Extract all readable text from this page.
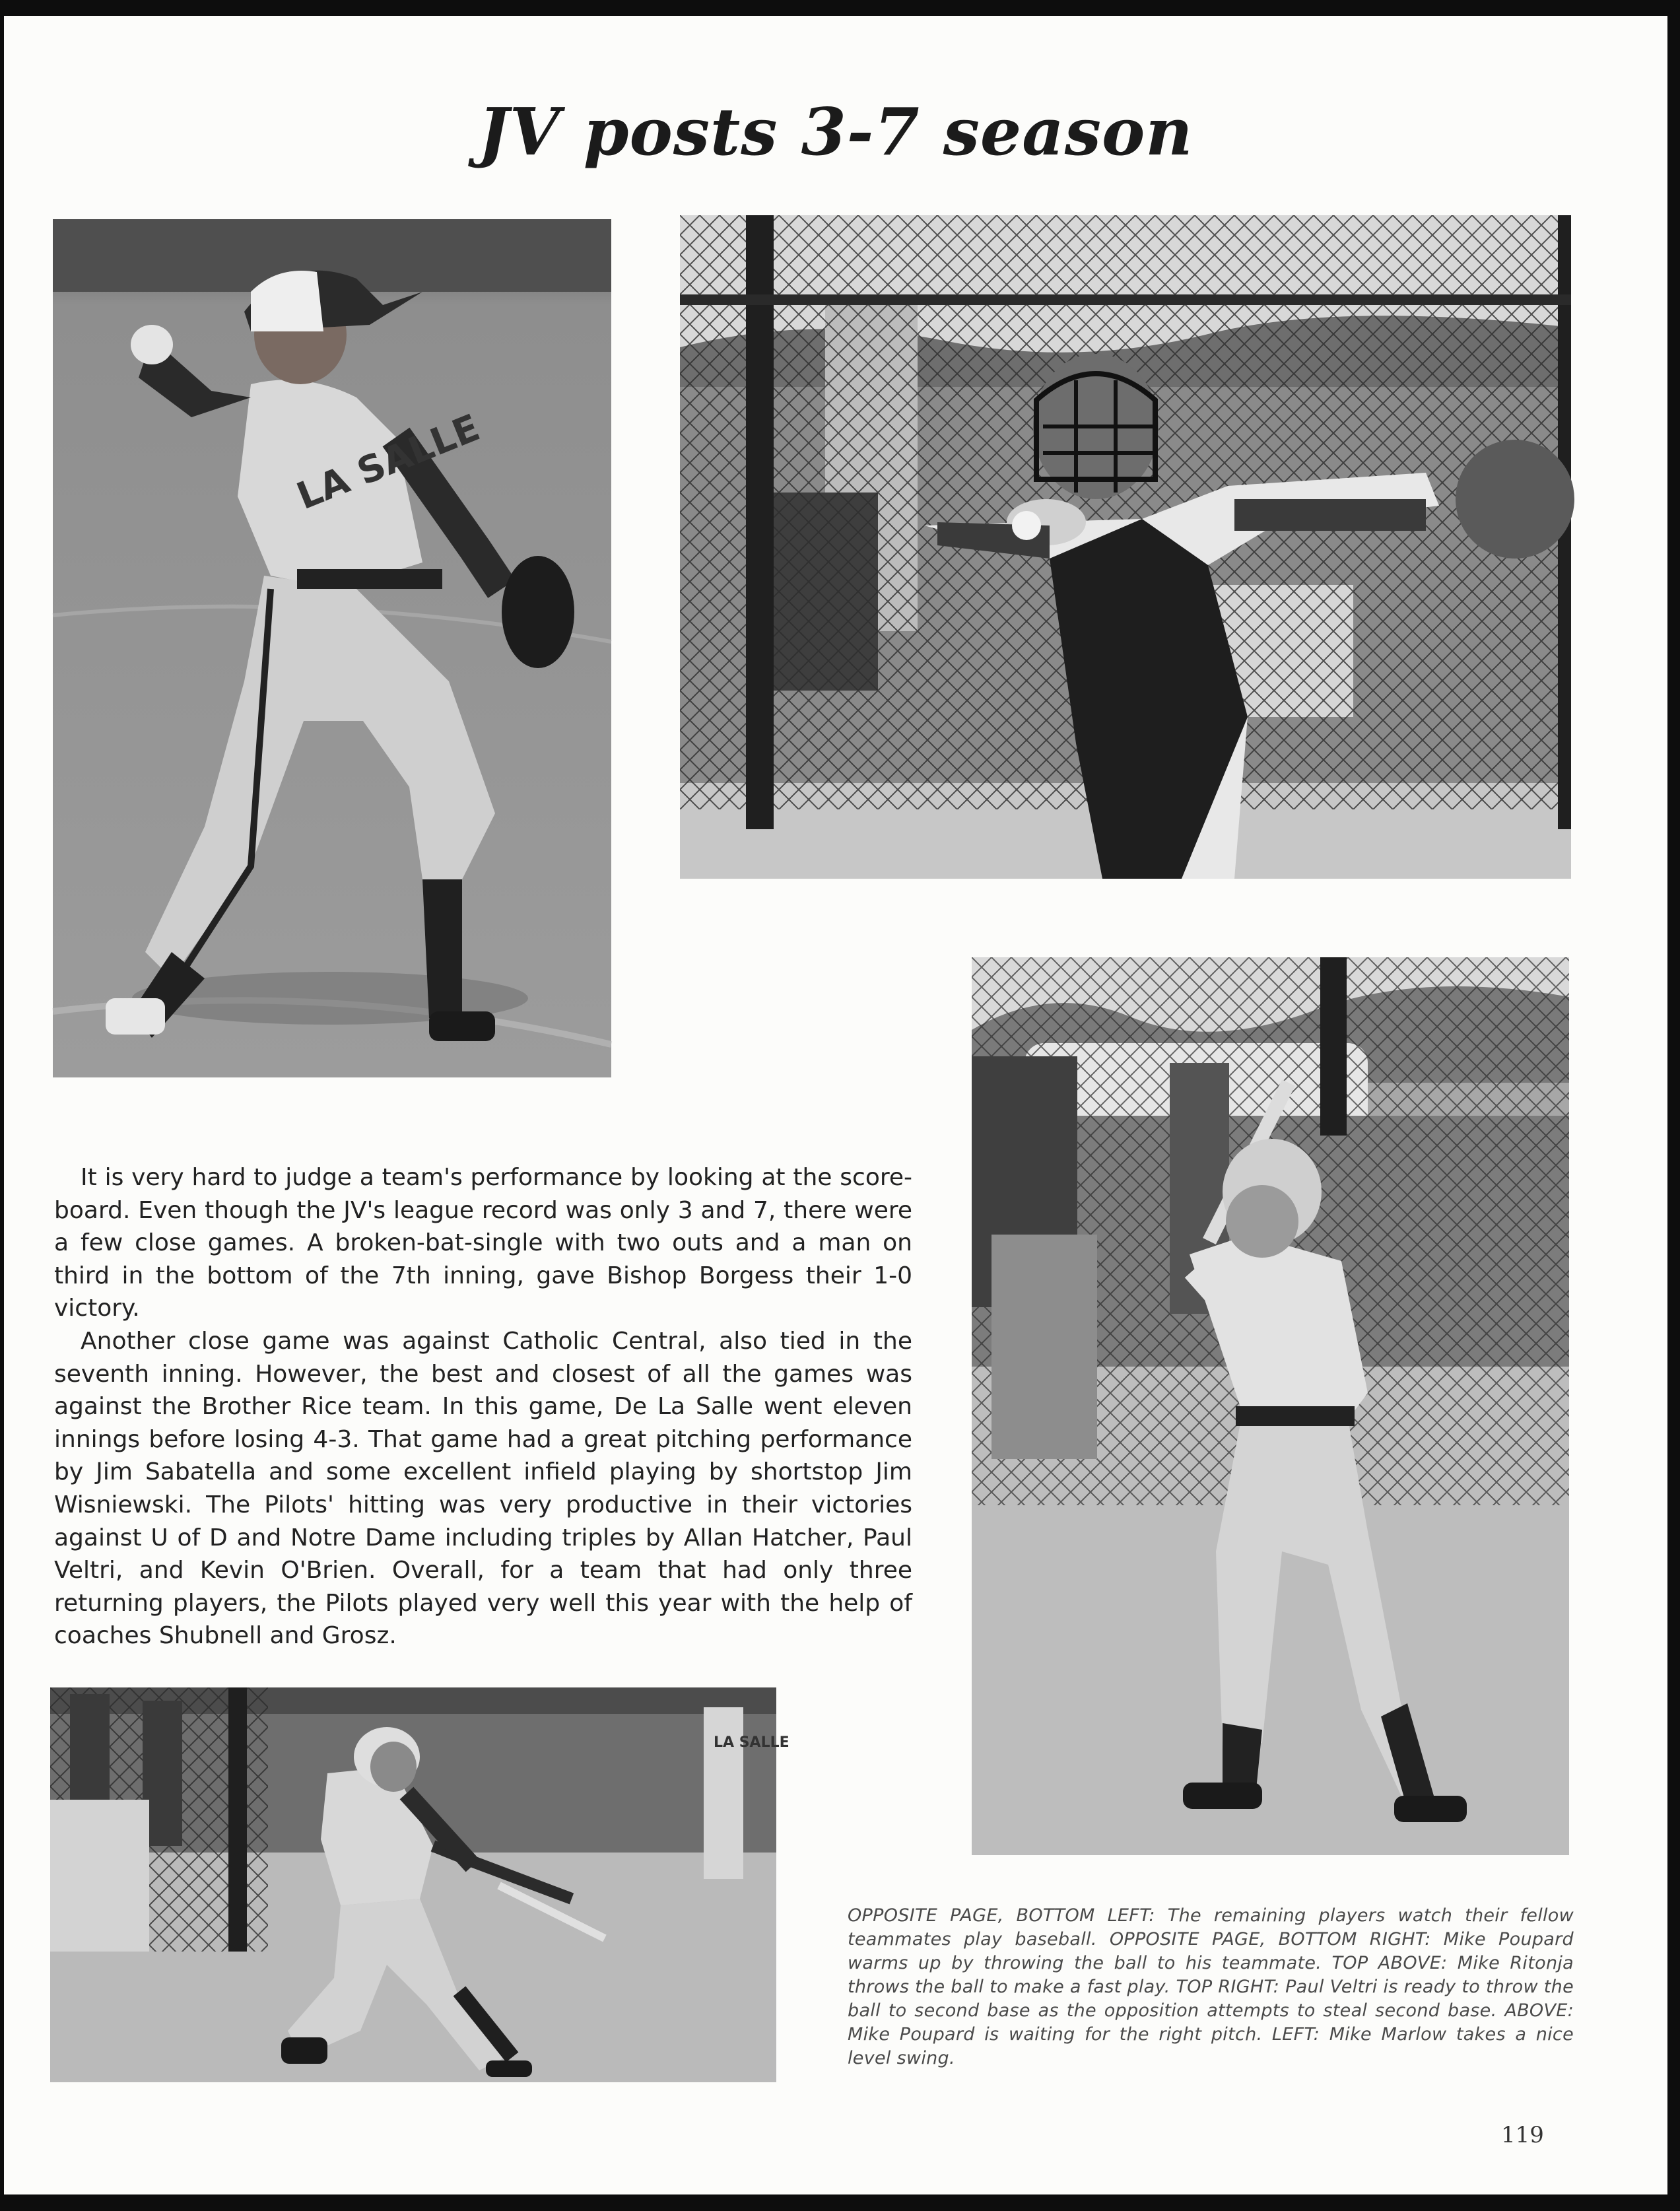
JV posts 3-7 season
LA SALLE
LA SALLE

It is very hard to judge a team's performance by looking at the score-board. Even though the JV's league record was only 3 and 7, there were a few close games. A broken-bat-single with two outs and a man on third in the bottom of the 7th inning, gave Bishop Borgess their 1-0 victory.

Another close game was against Catholic Central, also tied in the seventh inning. However, the best and closest of all the games was against the Brother Rice team. In this game, De La Salle went eleven innings before losing 4-3. That game had a great pitching performance by Jim Sabatella and some excellent infield playing by shortstop Jim Wisniewski. The Pilots' hitting was very productive in their victories against U of D and Notre Dame including triples by Allan Hatcher, Paul Veltri, and Kevin O'Brien. Overall, for a team that had only three returning players, the Pilots played very well this year with the help of coaches Shubnell and Grosz.

OPPOSITE PAGE, BOTTOM LEFT: The remaining players watch their fellow teammates play baseball. OPPOSITE PAGE, BOTTOM RIGHT: Mike Poupard warms up by throwing the ball to his teammate. TOP ABOVE: Mike Ritonja throws the ball to make a fast play. TOP RIGHT: Paul Veltri is ready to throw the ball to second base as the opposition attempts to steal second base. ABOVE: Mike Poupard is waiting for the right pitch. LEFT: Mike Marlow takes a nice level swing.
119
